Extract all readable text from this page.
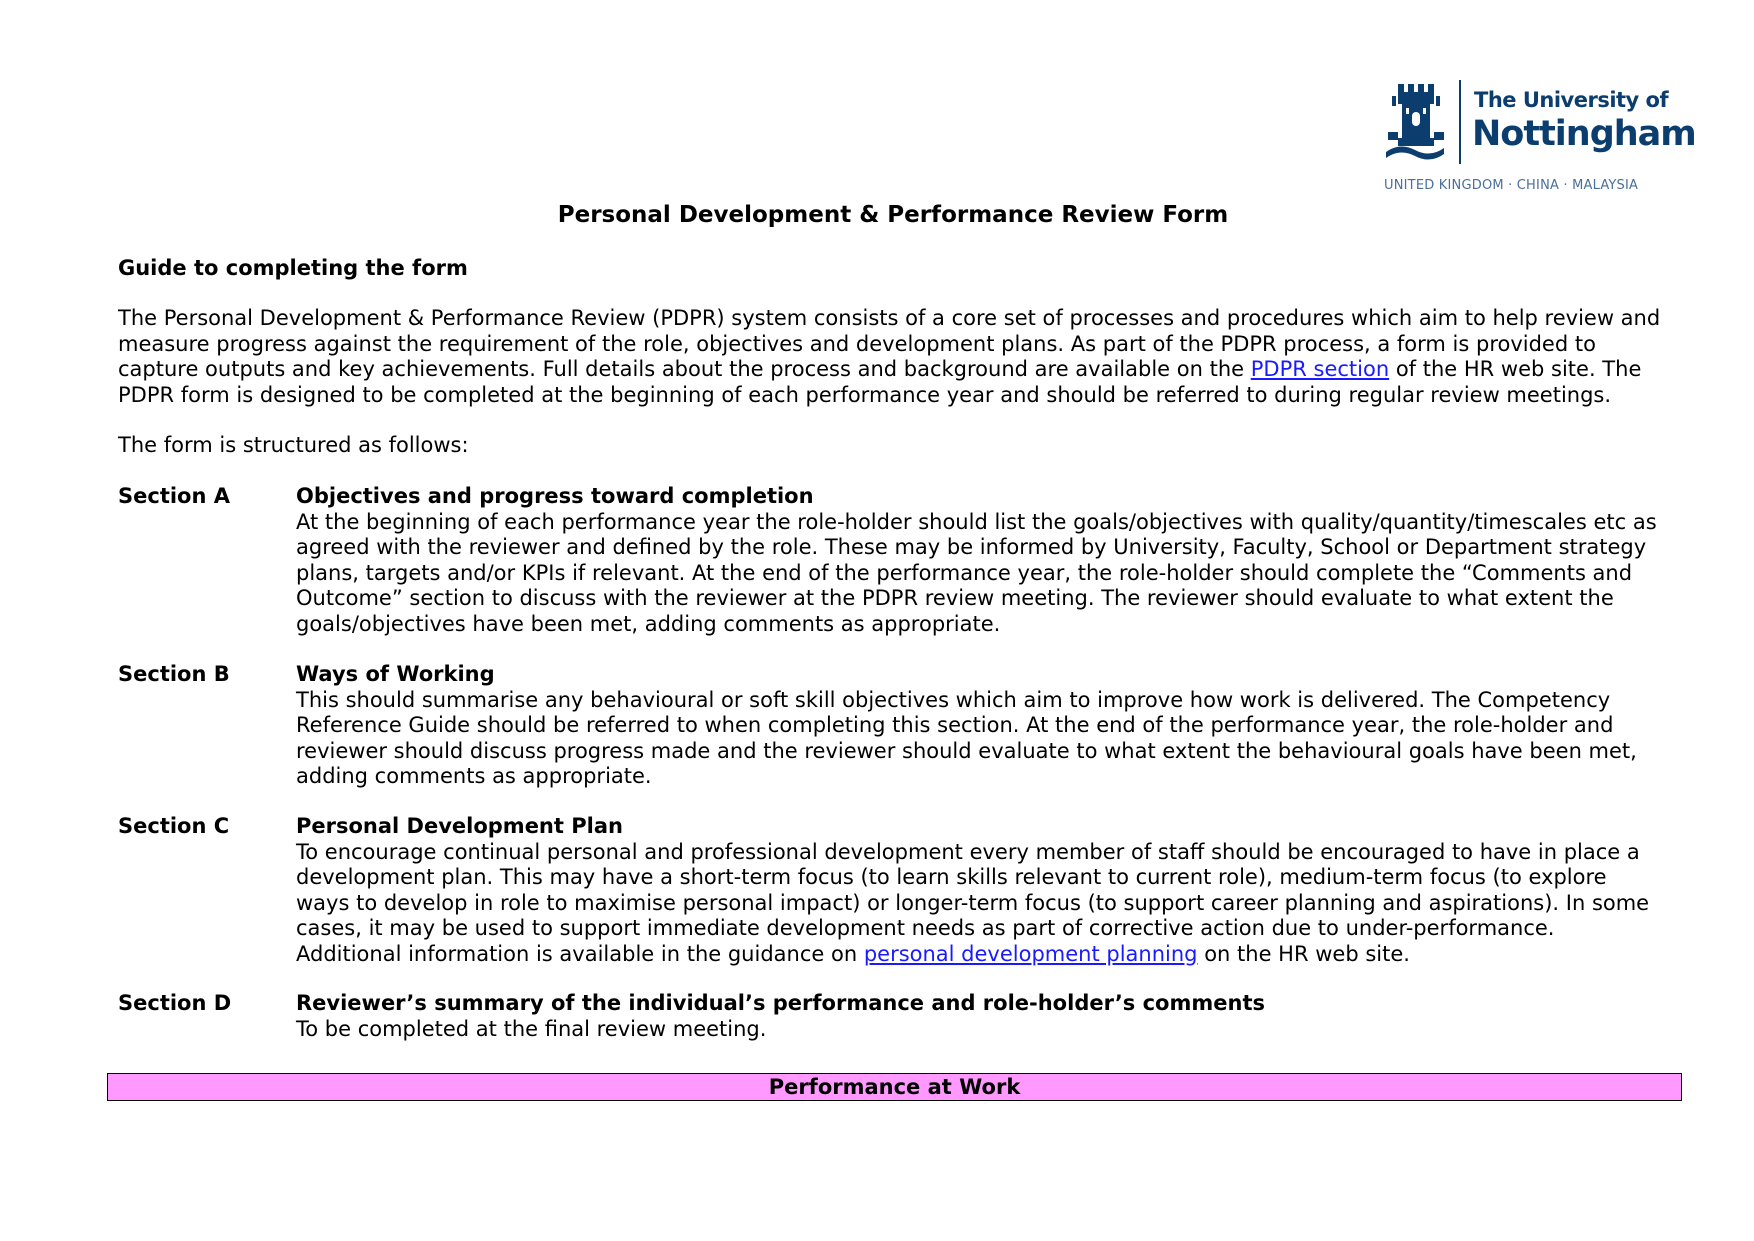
The University of
Nottingham
UNITED KINGDOM · CHINA · MALAYSIA
Personal Development & Performance Review Form
Guide to completing the form
The Personal Development & Performance Review (PDPR) system consists of a core set of processes and procedures which aim to help review and
measure progress against the requirement of the role, objectives and development plans. As part of the PDPR process, a form is provided to
capture outputs and key achievements. Full details about the process and background are available on the PDPR section of the HR web site. The
PDPR form is designed to be completed at the beginning of each performance year and should be referred to during regular review meetings.
The form is structured as follows:
Section A	Objectives and progress toward completion
At the beginning of each performance year the role-holder should list the goals/objectives with quality/quantity/timescales etc as
agreed with the reviewer and defined by the role. These may be informed by University, Faculty, School or Department strategy
plans, targets and/or KPIs if relevant. At the end of the performance year, the role-holder should complete the “Comments and
Outcome” section to discuss with the reviewer at the PDPR review meeting. The reviewer should evaluate to what extent the
goals/objectives have been met, adding comments as appropriate.
Section B	Ways of Working
This should summarise any behavioural or soft skill objectives which aim to improve how work is delivered. The Competency
Reference Guide should be referred to when completing this section. At the end of the performance year, the role-holder and
reviewer should discuss progress made and the reviewer should evaluate to what extent the behavioural goals have been met,
adding comments as appropriate.
Section C	Personal Development Plan
To encourage continual personal and professional development every member of staff should be encouraged to have in place a
development plan. This may have a short-term focus (to learn skills relevant to current role), medium-term focus (to explore
ways to develop in role to maximise personal impact) or longer-term focus (to support career planning and aspirations). In some
cases, it may be used to support immediate development needs as part of corrective action due to under-performance.
Additional information is available in the guidance on personal development planning on the HR web site.
Section D	Reviewer’s summary of the individual’s performance and role-holder’s comments
To be completed at the final review meeting.
Performance at Work
